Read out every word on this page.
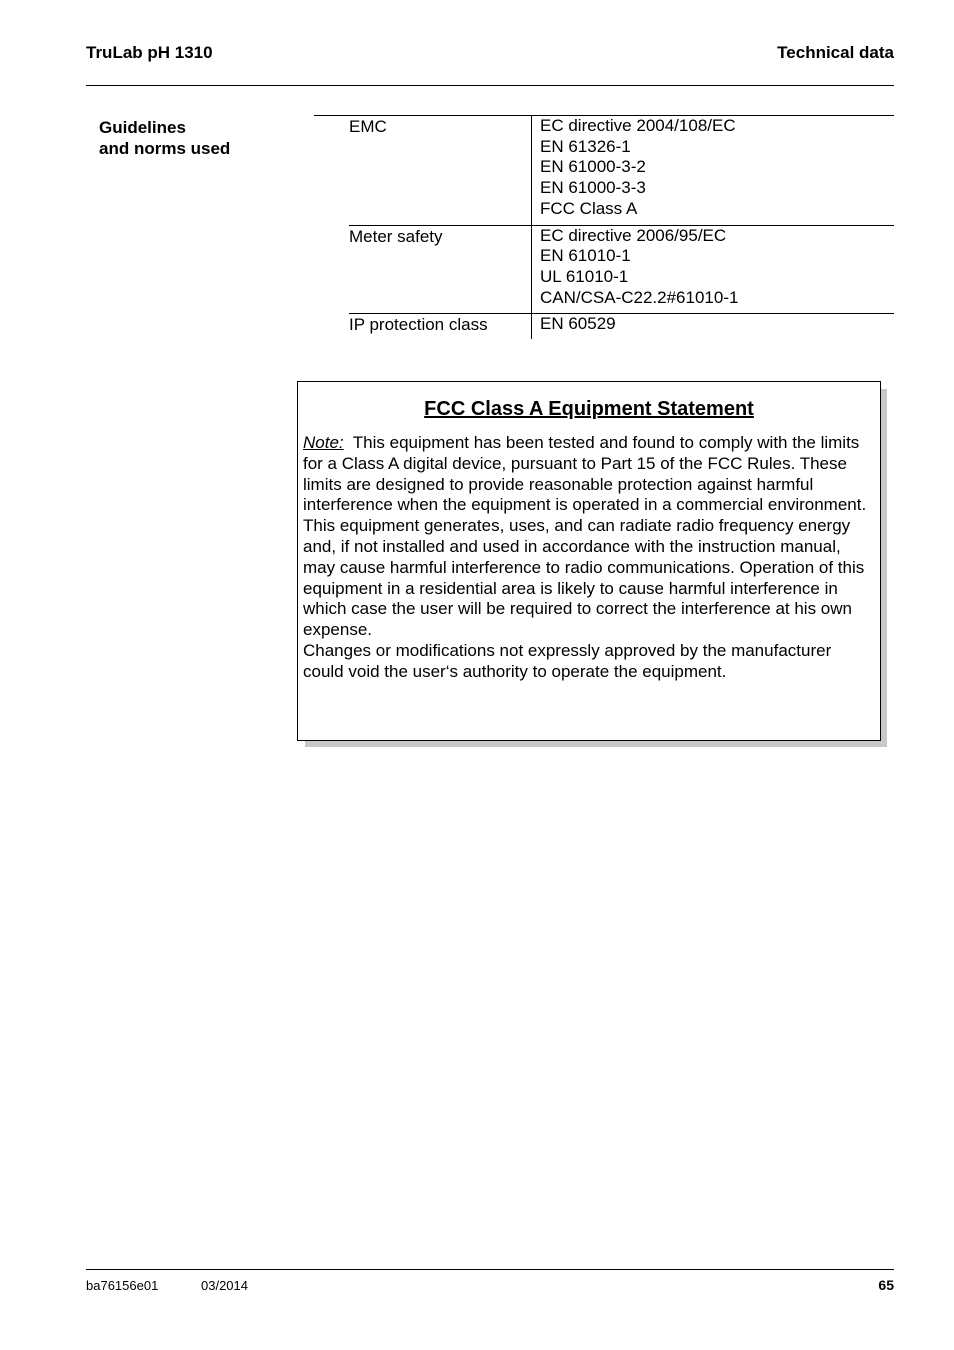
TruLab pH 1310	Technical data
Guidelines
and norms used
EMC	EC directive 2004/108/EC
EN 61326-1
EN 61000-3-2
EN 61000-3-3
FCC Class A
Meter safety	EC directive 2006/95/EC
EN 61010-1
UL 61010-1
CAN/CSA-C22.2#61010-1
IP protection class	EN 60529
FCC Class A Equipment Statement
Note: This equipment has been tested and found to comply with the limits for a Class A digital device, pursuant to Part 15 of the FCC Rules. These limits are designed to provide reasonable protection against harmful interference when the equipment is operated in a commercial environment. This equipment generates, uses, and can radiate radio frequency energy and, if not installed and used in accordance with the instruction manual, may cause harmful interference to radio communications. Operation of this equipment in a residential area is likely to cause harmful interference in which case the user will be required to correct the interference at his own expense.
Changes or modifications not expressly approved by the manufacturer could void the user‘s authority to operate the equipment.
ba76156e01	03/2014	65
